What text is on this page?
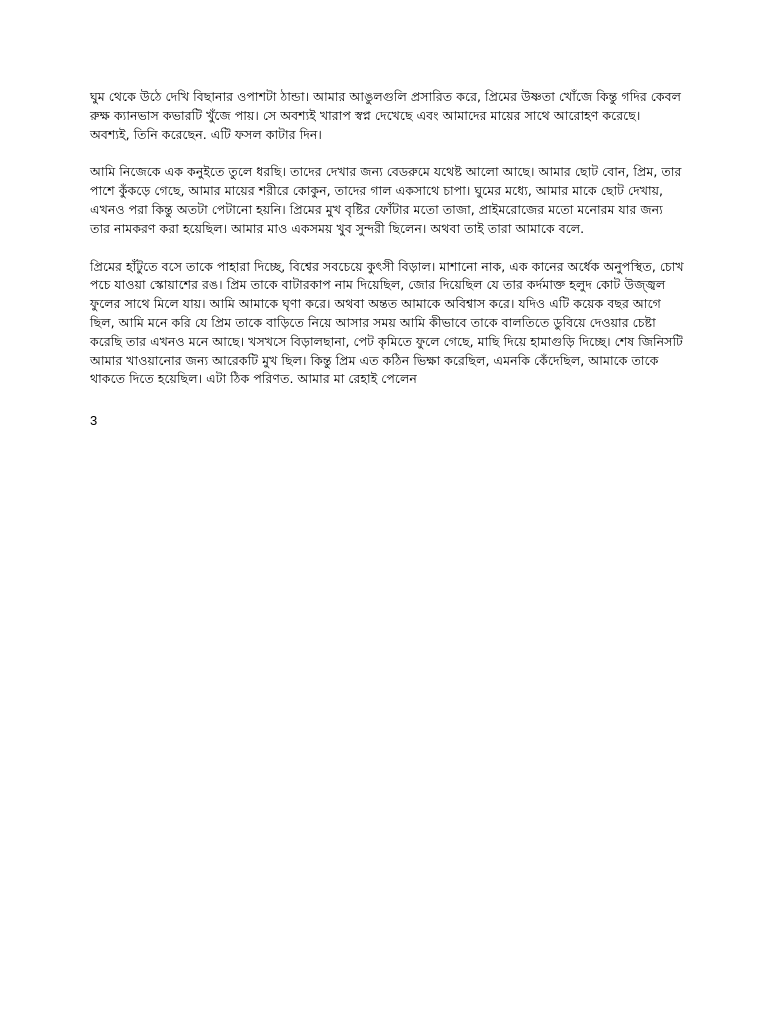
ঘুম থেকে উঠে দেখি বিছানার ওপাশটা ঠান্ডা। আমার আঙুলগুলি প্রসারিত করে, প্রিমের উষ্ণতা খোঁজে কিন্তু গদির কেবল
রুক্ষ ক্যানভাস কভারটি খুঁজে পায়। সে অবশ্যই খারাপ স্বপ্ন দেখেছে এবং আমাদের মায়ের সাথে আরোহণ করেছে।
অবশ্যই, তিনি করেছেন. এটি ফসল কাটার দিন।

আমি নিজেকে এক কনুইতে তুলে ধরছি। তাদের দেখার জন্য বেডরুমে যথেষ্ট আলো আছে। আমার ছোট বোন, প্রিম, তার
পাশে কুঁকড়ে গেছে, আমার মায়ের শরীরে কোকুন, তাদের গাল একসাথে চাপা। ঘুমের মধ্যে, আমার মাকে ছোট দেখায়,
এখনও পরা কিন্তু অতটা পেটানো হয়নি। প্রিমের মুখ বৃষ্টির ফোঁটার মতো তাজা, প্রাইমরোজের মতো মনোরম যার জন্য
তার নামকরণ করা হয়েছিল। আমার মাও একসময় খুব সুন্দরী ছিলেন। অথবা তাই তারা আমাকে বলে.

প্রিমের হাঁটুতে বসে তাকে পাহারা দিচ্ছে, বিশ্বের সবচেয়ে কুৎসী বিড়াল। মাশানো নাক, এক কানের অর্ধেক অনুপস্থিত, চোখ
পচে যাওয়া স্কোয়াশের রঙ। প্রিম তাকে বাটারকাপ নাম দিয়েছিল, জোর দিয়েছিল যে তার কর্দমাক্ত হলুদ কোট উজ্জ্বল
ফুলের সাথে মিলে যায়। আমি আমাকে ঘৃণা করে। অথবা অন্তত আমাকে অবিশ্বাস করে। যদিও এটি কয়েক বছর আগে
ছিল, আমি মনে করি যে প্রিম তাকে বাড়িতে নিয়ে আসার সময় আমি কীভাবে তাকে বালতিতে ডুবিয়ে দেওয়ার চেষ্টা
করেছি তার এখনও মনে আছে। খসখসে বিড়ালছানা, পেট কৃমিতে ফুলে গেছে, মাছি দিয়ে হামাগুড়ি দিচ্ছে। শেষ জিনিসটি
আমার খাওয়ানোর জন্য আরেকটি মুখ ছিল। কিন্তু প্রিম এত কঠিন ভিক্ষা করেছিল, এমনকি কেঁদেছিল, আমাকে তাকে
থাকতে দিতে হয়েছিল। এটা ঠিক পরিণত. আমার মা রেহাই পেলেন

3
